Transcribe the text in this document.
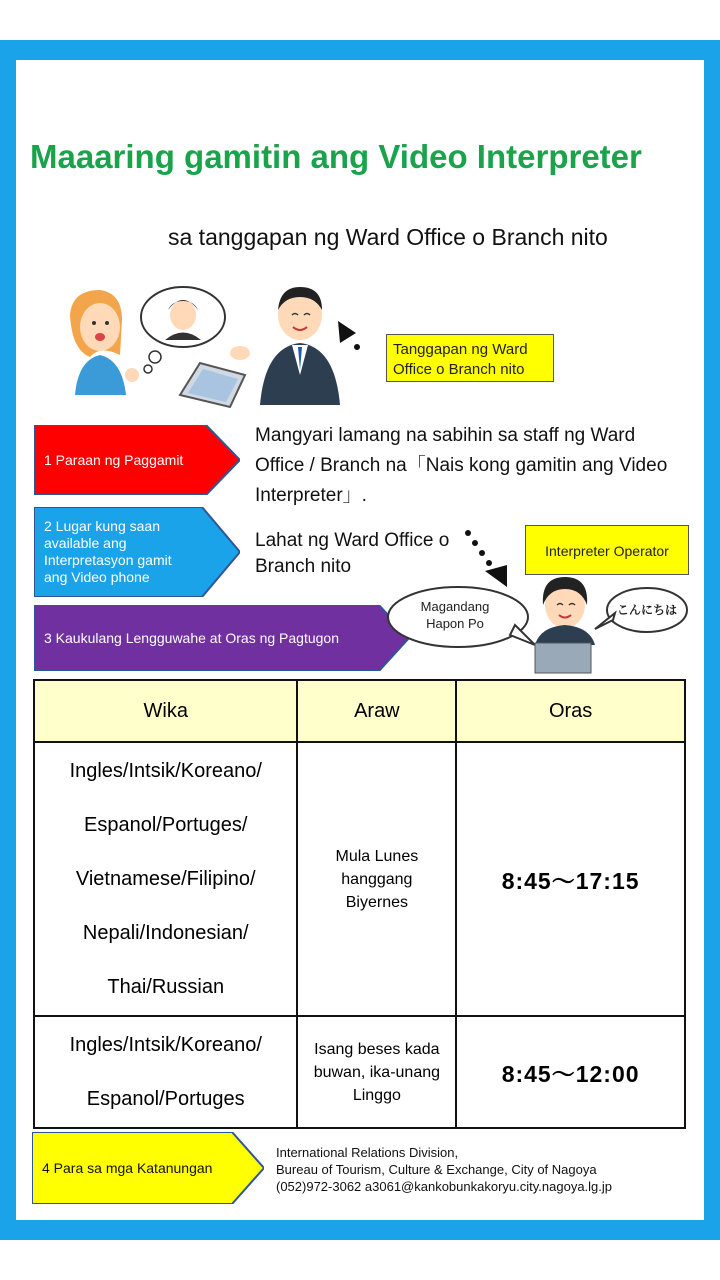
Maaaring gamitin ang Video Interpreter
sa tanggapan ng Ward Office o Branch nito
Tanggapan ng Ward Office o Branch nito
1 Paraan ng Paggamit
Mangyari lamang na sabihin sa staff ng Ward Office / Branch na「Nais kong gamitin ang Video Interpreter」.
2 Lugar kung saan available ang Interpretasyon gamit ang Video phone
Lahat ng Ward Office o Branch nito
Interpreter Operator
3 Kaukulang Lengguwahe at Oras ng Pagtugon
Magandang Hapon Po
こんにちは
Wika	Araw	Oras

Ingles/Intsik/Koreano/
Espanol/Portuges/
Vietnamese/Filipino/
Nepali/Indonesian/
Thai/Russian	Mula Lunes hanggang Biyernes	8:45～17:15

Ingles/Intsik/Koreano/
Espanol/Portuges	Isang beses kada buwan, ika-unang Linggo	8:45～12:00
4 Para sa mga Katanungan
International Relations Division,
Bureau of Tourism, Culture & Exchange, City of Nagoya
(052)972-3062 a3061@kankobunkakoryu.city.nagoya.lg.jp
